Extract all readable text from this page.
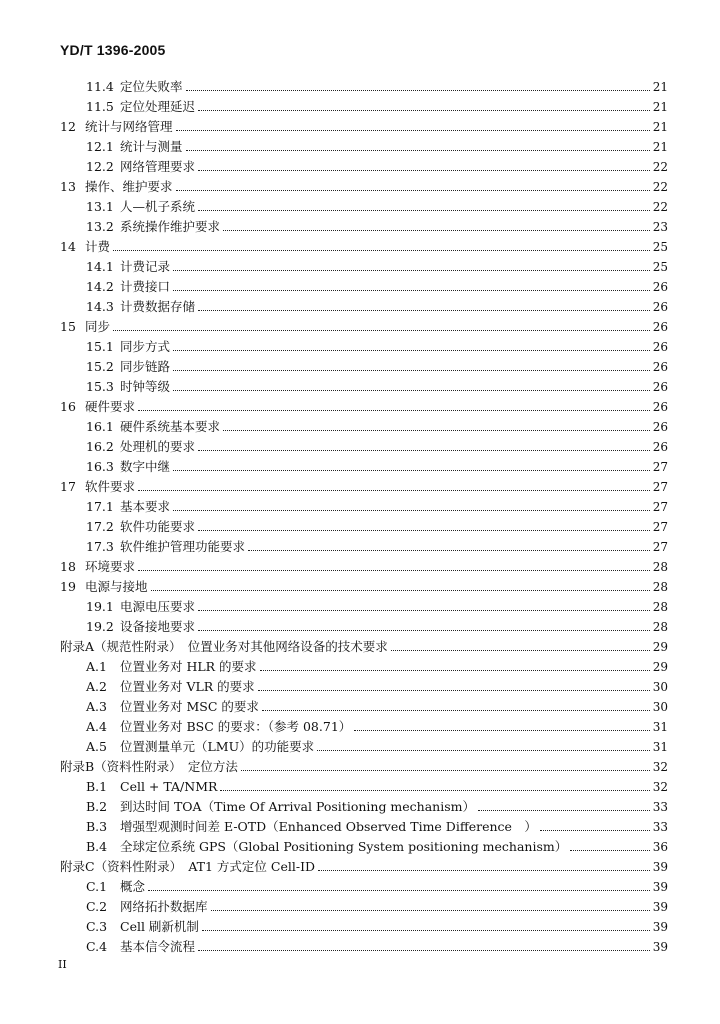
YD/T 1396-2005
11.4 定位失败率	21
11.5 定位处理延迟	21
12 统计与网络管理	21
12.1 统计与测量	21
12.2 网络管理要求	22
13 操作、维护要求	22
13.1 人—机子系统	22
13.2 系统操作维护要求	23
14 计费	25
14.1 计费记录	25
14.2 计费接口	26
14.3 计费数据存储	26
15 同步	26
15.1 同步方式	26
15.2 同步链路	26
15.3 时钟等级	26
16 硬件要求	26
16.1 硬件系统基本要求	26
16.2 处理机的要求	26
16.3 数字中继	27
17 软件要求	27
17.1 基本要求	27
17.2 软件功能要求	27
17.3 软件维护管理功能要求	27
18 环境要求	28
19 电源与接地	28
19.1 电源电压要求	28
19.2 设备接地要求	28
附录A（规范性附录）　位置业务对其他网络设备的技术要求	29
A.1	位置业务对 HLR 的要求	29
A.2	位置业务对 VLR 的要求	30
A.3	位置业务对 MSC 的要求	30
A.4	位置业务对 BSC 的要求：（参考 08.71）	31
A.5	位置测量单元（LMU）的功能要求	31
附录B（资料性附录）　定位方法	32
B.1	Cell + TA/NMR	32
B.2	到达时间 TOA（Time Of Arrival Positioning mechanism）	33
B.3	增强型观测时间差 E-OTD（Enhanced Observed Time Difference　）	33
B.4	全球定位系统 GPS（Global Positioning System positioning mechanism）	36
附录C（资料性附录）　AT1 方式定位 Cell-ID	39
C.1	概念	39
C.2	网络拓扑数据库	39
C.3	Cell 刷新机制	39
C.4	基本信令流程	39
II
